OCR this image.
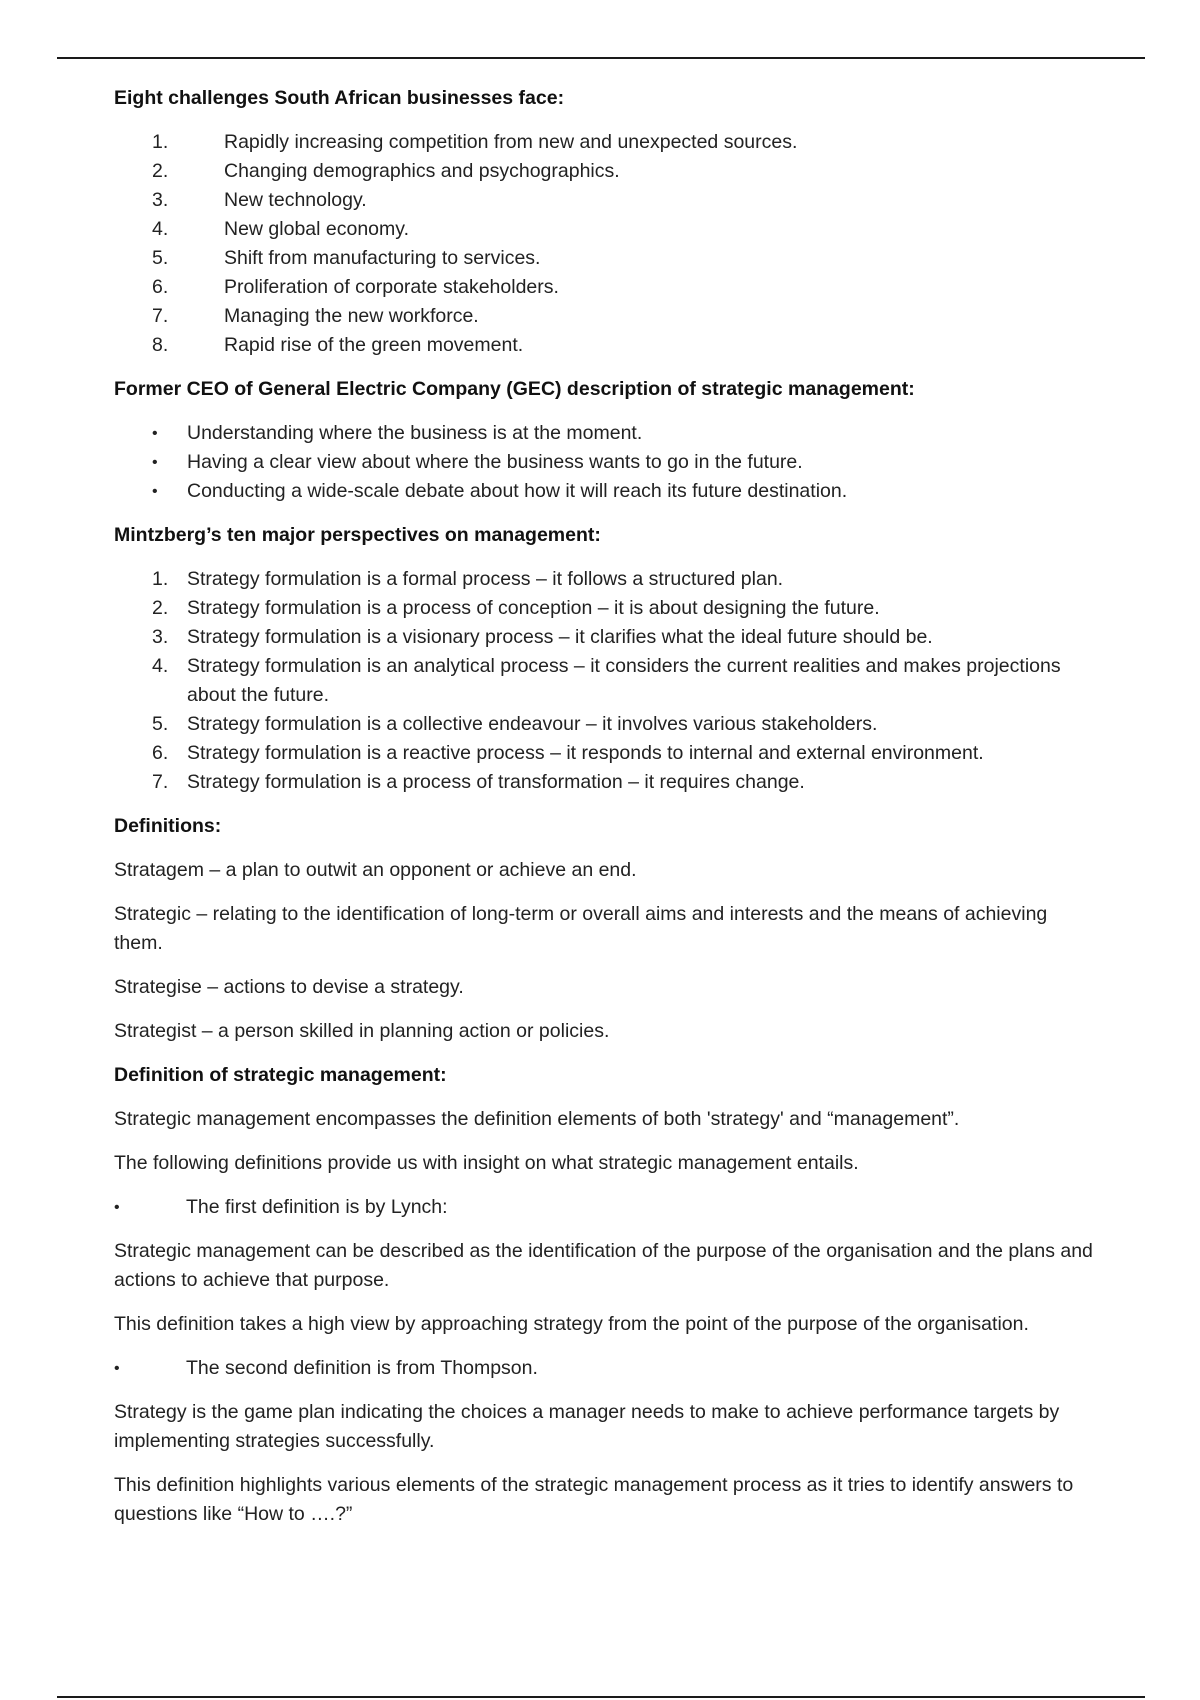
Eight challenges South African businesses face:

1.	Rapidly increasing competition from new and unexpected sources.
2.	Changing demographics and psychographics.
3.	New technology.
4.	New global economy.
5.	Shift from manufacturing to services.
6.	Proliferation of corporate stakeholders.
7.	Managing the new workforce.
8.	Rapid rise of the green movement.

Former CEO of General Electric Company (GEC) description of strategic management:

•	Understanding where the business is at the moment.
•	Having a clear view about where the business wants to go in the future.
•	Conducting a wide-scale debate about how it will reach its future destination.

Mintzberg’s ten major perspectives on management:

1. Strategy formulation is a formal process – it follows a structured plan.
2. Strategy formulation is a process of conception – it is about designing the future.
3. Strategy formulation is a visionary process – it clarifies what the ideal future should be.
4. Strategy formulation is an analytical process – it considers the current realities and makes projections about the future.
5. Strategy formulation is a collective endeavour – it involves various stakeholders.
6. Strategy formulation is a reactive process – it responds to internal and external environment.
7. Strategy formulation is a process of transformation – it requires change.

Definitions:

Stratagem – a plan to outwit an opponent or achieve an end.

Strategic – relating to the identification of long-term or overall aims and interests and the means of achieving them.

Strategise – actions to devise a strategy.

Strategist – a person skilled in planning action or policies.

Definition of strategic management:

Strategic management encompasses the definition elements of both 'strategy' and “management”.

The following definitions provide us with insight on what strategic management entails.

•	The first definition is by Lynch:

Strategic management can be described as the identification of the purpose of the organisation and the plans and actions to achieve that purpose.

This definition takes a high view by approaching strategy from the point of the purpose of the organisation.

•	The second definition is from Thompson.

Strategy is the game plan indicating the choices a manager needs to make to achieve performance targets by implementing strategies successfully.

This definition highlights various elements of the strategic management process as it tries to identify answers to questions like “How to ….?”
